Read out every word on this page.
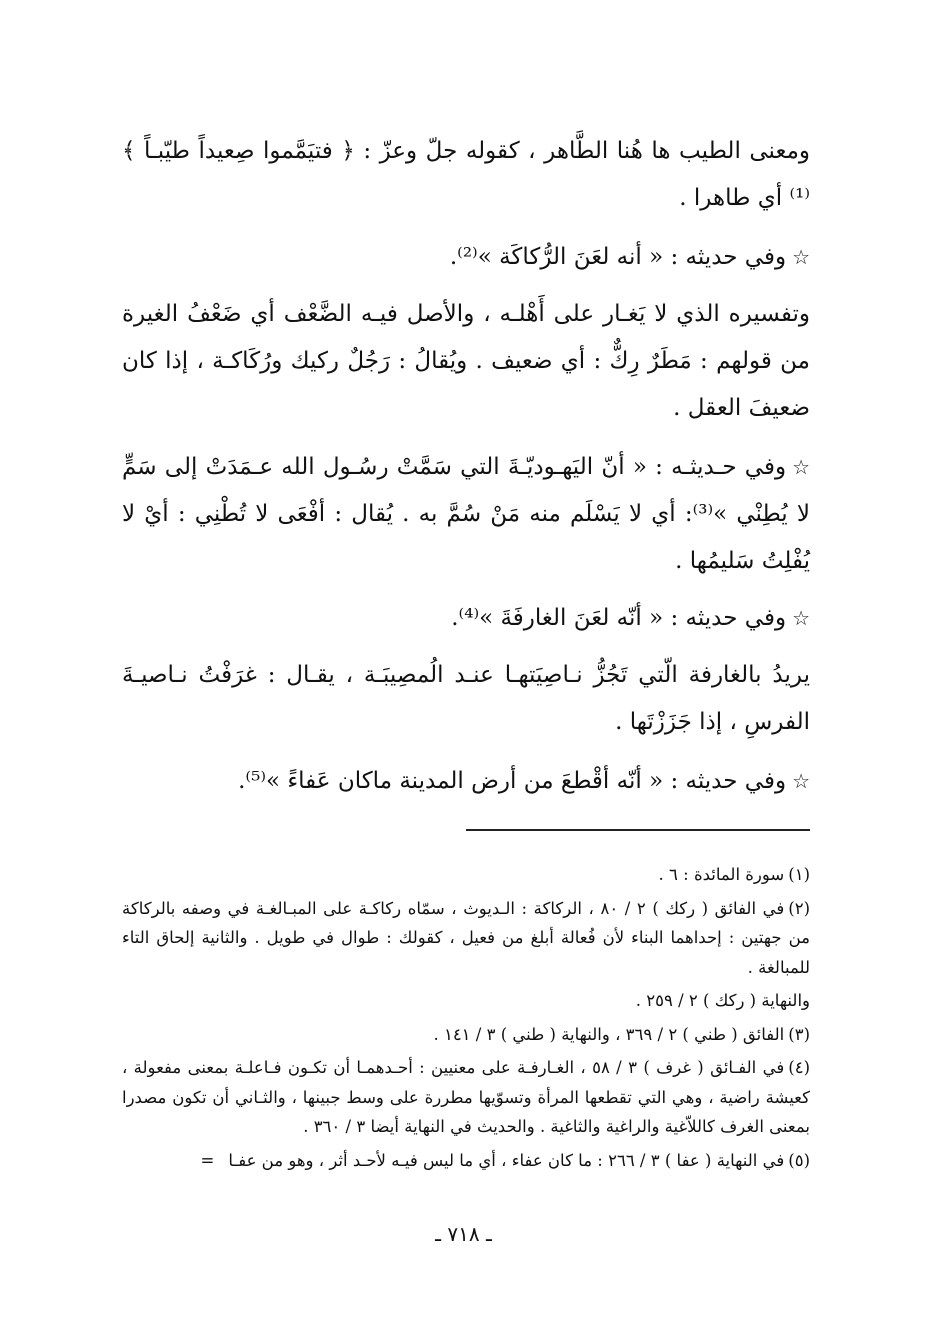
ومعنى الطيب ها هُنا الطَّاهر ، كقوله جلّ وعزّ : ﴿ فتيَمَّموا صِعيداً طيّبـاً ﴾⁽¹⁾ أي طاهرا .

☆وفي حديثه : « أنه لعَنَ الرُّكاكَة »⁽²⁾.

وتفسيره الذي لا يَغـار على أَهْلـه ، والأصل فيـه الضَّعْف أي ضَعْفُ الغيرة من قولهم : مَطَرٌ رِكٌّ : أي ضعيف . ويُقالُ : رَجُلٌ ركيك ورُكَاكـة ، إذا كان ضعيفَ العقل .

☆وفي حـديثـه : « أنّ اليَهـوديّـةَ التي سَمَّتْ رسُـول الله عـمَدَتْ إلى سَمٍّ لا يُطِنْي »⁽³⁾: أي لا يَسْلَم منه مَنْ سُمَّ به . يُقال : أفْعَى لا تُطْنِي : أيْ لا يُفْلِتُ سَليمُها .

☆وفي حديثه : « أنّه لعَنَ الغارفَةَ »⁽⁴⁾.

يريدُ بالغارفة الّتي تَجُزُّ نـاصِيَتهـا عنـد الُمصِيبَـة ، يقـال : غرَفْتُ نـاصيـةَ الفرسِ ، إذا جَزَزْتَها .

☆وفي حديثه : « أنّه أقْطعَ من أرض المدينة ماكان عَفاءً »⁽⁵⁾.

(١)سورة المائدة : ٦ .

(٢)في الفائق ( ركك ) ٢ / ٨٠ ، الركاكة : الـديوث ، سمّاه ركاكـة على المبـالغـة في وصفه بالركاكة من جهتين : إحداهما البناء لأن فُعالة أبلغ من فعيل ، كقولك : طوال في طويل . والثانية إلحاق التاء للمبالغة .

والنهاية ( ركك ) ٢ / ٢٥٩ .

(٣)الفائق ( طني ) ٢ / ٣٦٩ ، والنهاية ( طني ) ٣ / ١٤١ .

(٤)في الفـائق ( غرف ) ٣ / ٥٨ ، الغـارفـة على معنيين : أحـدهمـا أن تكـون فـاعلـة بمعنى مفعولة ، كعيشة راضية ، وهي التي تقطعها المرأة وتسوّيها مطررة على وسط جبينها ، والثـاني أن تكون مصدرا بمعنى الغرف كاللاّغية والراغية والثاغية . والحديث في النهاية أيضا ٣ / ٣٦٠ .

(٥)في النهاية ( عفا ) ٣ / ٢٦٦ : ما كان عفاء ، أي ما ليس فيـه لأحـد أثر ، وهو من عفـا=

ـ ٧١٨ ـ
